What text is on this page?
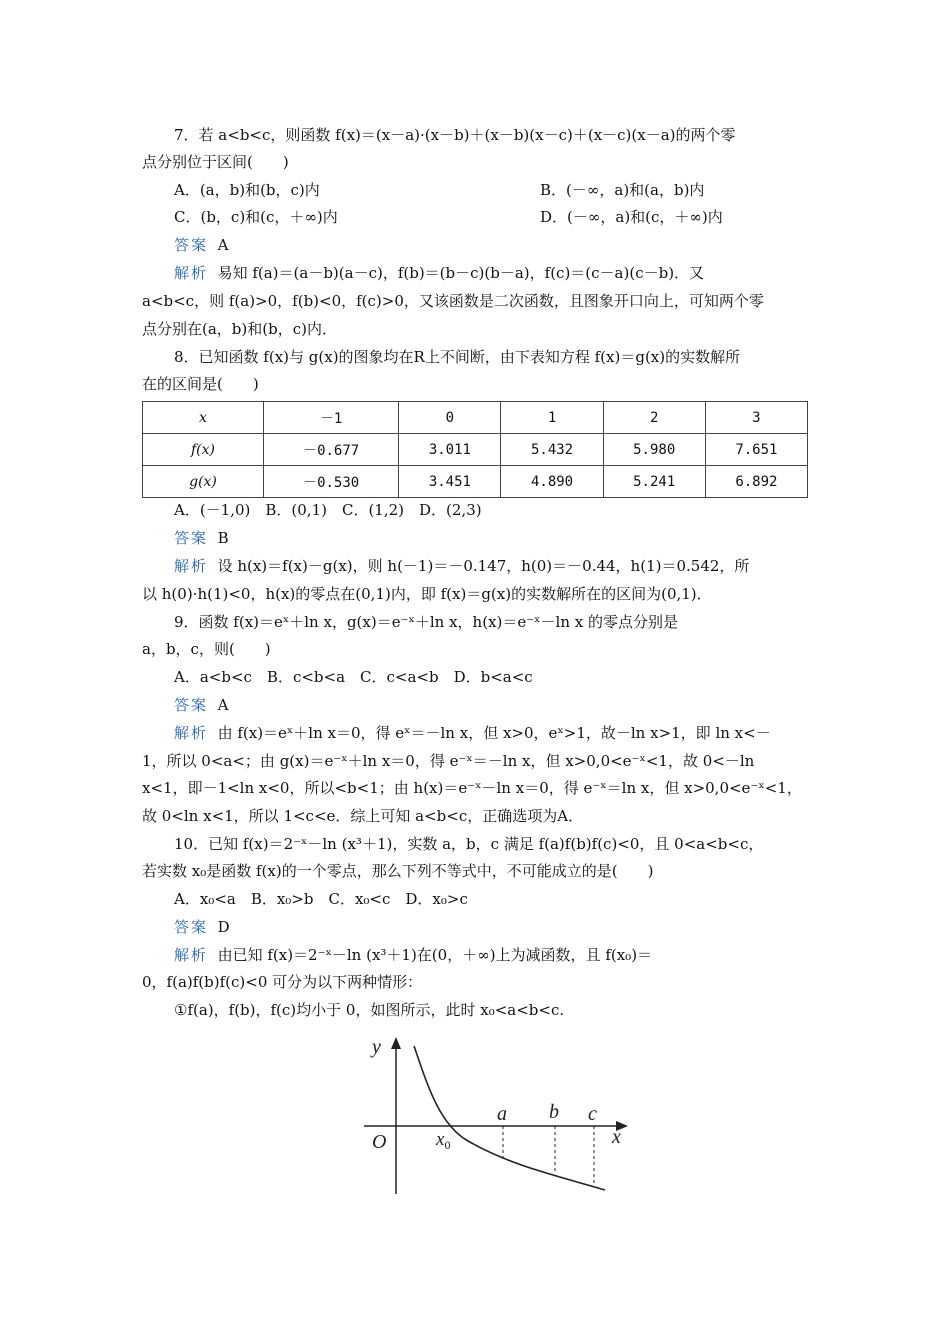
7．若 a<b<c，则函数 f(x)＝(x－a)·(x－b)＋(x－b)(x－c)＋(x－c)(x－a)的两个零
点分别位于区间(　　)
A．(a，b)和(b，c)内	B．(－∞，a)和(a，b)内
C．(b，c)和(c，＋∞)内	D．(－∞，a)和(c，＋∞)内
答案 A
解析 易知 f(a)＝(a－b)(a－c)，f(b)＝(b－c)(b－a)，f(c)＝(c－a)(c－b)．又
a<b<c，则 f(a)>0，f(b)<0，f(c)>0，又该函数是二次函数，且图象开口向上，可知两个零
点分别在(a，b)和(b，c)内．
8．已知函数 f(x)与 g(x)的图象均在R上不间断，由下表知方程 f(x)＝g(x)的实数解所
在的区间是(　　)
x	－1	0	1	2	3
f(x)	－0.677	3.011	5.432	5.980	7.651
g(x)	－0.530	3.451	4.890	5.241	6.892
A．(－1,0)　B．(0,1)　C．(1,2)　D．(2,3)
答案 B
解析 设 h(x)＝f(x)－g(x)，则 h(－1)＝－0.147，h(0)＝－0.44，h(1)＝0.542，所
以 h(0)·h(1)<0，h(x)的零点在(0,1)内，即 f(x)＝g(x)的实数解所在的区间为(0,1)．
9．函数 f(x)＝eˣ＋ln x，g(x)＝e⁻ˣ＋ln x，h(x)＝e⁻ˣ－ln x 的零点分别是
a，b，c，则(　　)
A．a<b<c　B．c<b<a　C．c<a<b　D．b<a<c
答案 A
解析 由 f(x)＝eˣ＋ln x＝0，得 eˣ＝－ln x，但 x>0，eˣ>1，故－ln x>1，即 ln x<－
1，所以 0<a<；由 g(x)＝e⁻ˣ＋ln x＝0，得 e⁻ˣ＝－ln x，但 x>0,0<e⁻ˣ<1，故 0<－ln
x<1，即－1<ln x<0，所以<b<1；由 h(x)＝e⁻ˣ－ln x＝0，得 e⁻ˣ＝ln x，但 x>0,0<e⁻ˣ<1，
故 0<ln x<1，所以 1<c<e．综上可知 a<b<c，正确选项为A．
10．已知 f(x)＝2⁻ˣ－ln (x³＋1)，实数 a，b，c 满足 f(a)f(b)f(c)<0，且 0<a<b<c，
若实数 x₀是函数 f(x)的一个零点，那么下列不等式中，不可能成立的是(　　)
A．x₀<a　B．x₀>b　C．x₀<c　D．x₀>c
答案 D
解析 由已知 f(x)＝2⁻ˣ－ln (x³＋1)在(0，＋∞)上为减函数，且 f(x₀)＝
0，f(a)f(b)f(c)<0 可分为以下两种情形：
①f(a)，f(b)，f(c)均小于 0，如图所示，此时 x₀<a<b<c.
y
x
O	$x_0$
a b c
